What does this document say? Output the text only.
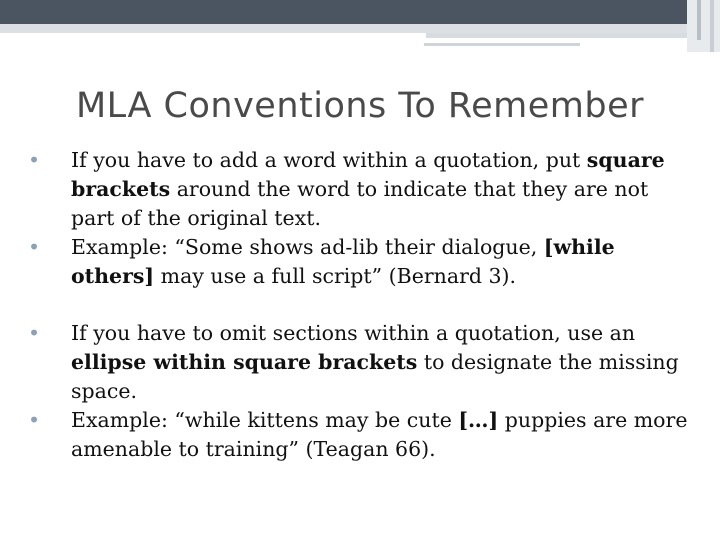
MLA Conventions To Remember

• If you have to add a word within a quotation, put square brackets around the word to indicate that they are not part of the original text.

• Example: “Some shows ad-lib their dialogue, [while others] may use a full script” (Bernard 3).

• If you have to omit sections within a quotation, use an ellipse within square brackets to designate the missing space.

• Example: “while kittens may be cute […] puppies are more amenable to training” (Teagan 66).
